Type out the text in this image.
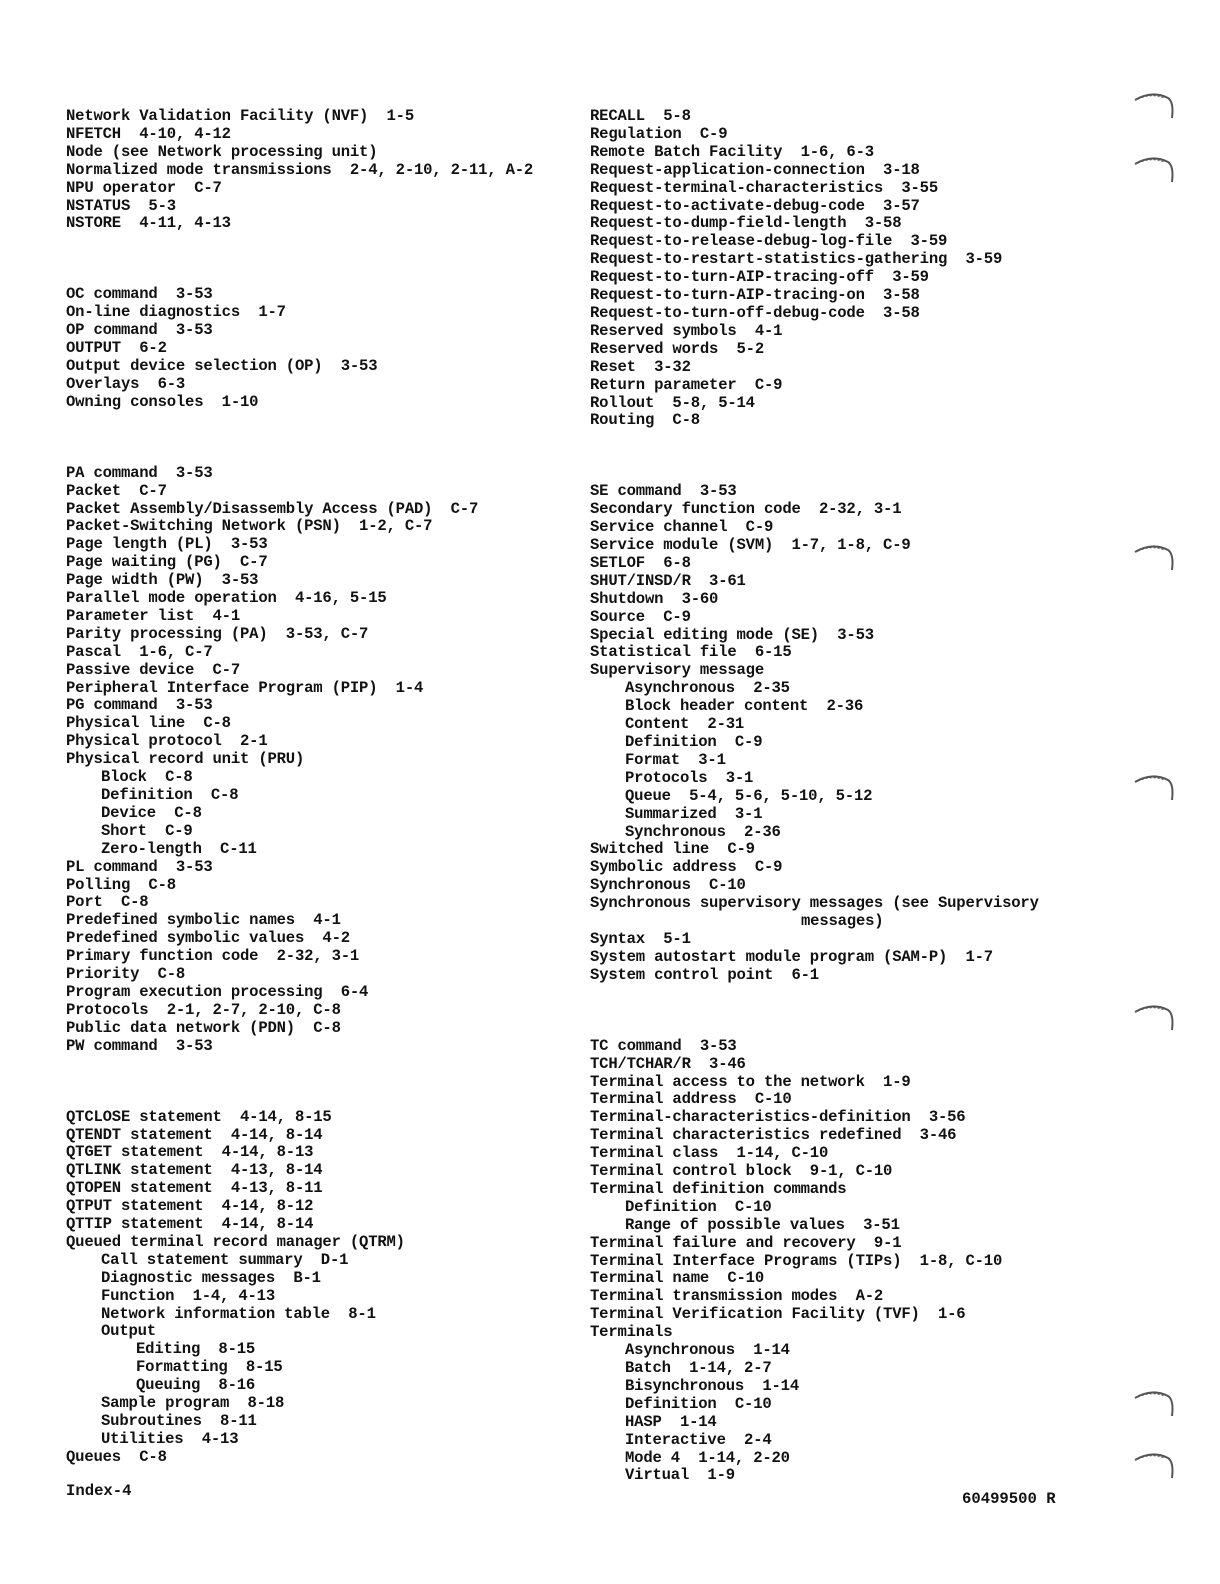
Network Validation Facility (NVF)  1-5
NFETCH  4-10, 4-12
Node (see Network processing unit)
Normalized mode transmissions  2-4, 2-10, 2-11, A-2
NPU operator  C-7
NSTATUS  5-3
NSTORE  4-11, 4-13
OC command  3-53
On-line diagnostics  1-7
OP command  3-53
OUTPUT  6-2
Output device selection (OP)  3-53
Overlays  6-3
Owning consoles  1-10
PA command  3-53
Packet  C-7
Packet Assembly/Disassembly Access (PAD)  C-7
Packet-Switching Network (PSN)  1-2, C-7
Page length (PL)  3-53
Page waiting (PG)  C-7
Page width (PW)  3-53
Parallel mode operation  4-16, 5-15
Parameter list  4-1
Parity processing (PA)  3-53, C-7
Pascal  1-6, C-7
Passive device  C-7
Peripheral Interface Program (PIP)  1-4
PG command  3-53
Physical line  C-8
Physical protocol  2-1
Physical record unit (PRU)
Block  C-8
Definition  C-8
Device  C-8
Short  C-9
Zero-length  C-11
PL command  3-53
Polling  C-8
Port  C-8
Predefined symbolic names  4-1
Predefined symbolic values  4-2
Primary function code  2-32, 3-1
Priority  C-8
Program execution processing  6-4
Protocols  2-1, 2-7, 2-10, C-8
Public data network (PDN)  C-8
PW command  3-53
QTCLOSE statement  4-14, 8-15
QTENDT statement  4-14, 8-14
QTGET statement  4-14, 8-13
QTLINK statement  4-13, 8-14
QTOPEN statement  4-13, 8-11
QTPUT statement  4-14, 8-12
QTTIP statement  4-14, 8-14
Queued terminal record manager (QTRM)
Call statement summary  D-1
Diagnostic messages  B-1
Function  1-4, 4-13
Network information table  8-1
Output
Editing  8-15
Formatting  8-15
Queuing  8-16
Sample program  8-18
Subroutines  8-11
Utilities  4-13
Queues  C-8
RECALL  5-8
Regulation  C-9
Remote Batch Facility  1-6, 6-3
Request-application-connection  3-18
Request-terminal-characteristics  3-55
Request-to-activate-debug-code  3-57
Request-to-dump-field-length  3-58
Request-to-release-debug-log-file  3-59
Request-to-restart-statistics-gathering  3-59
Request-to-turn-AIP-tracing-off  3-59
Request-to-turn-AIP-tracing-on  3-58
Request-to-turn-off-debug-code  3-58
Reserved symbols  4-1
Reserved words  5-2
Reset  3-32
Return parameter  C-9
Rollout  5-8, 5-14
Routing  C-8
SE command  3-53
Secondary function code  2-32, 3-1
Service channel  C-9
Service module (SVM)  1-7, 1-8, C-9
SETLOF  6-8
SHUT/INSD/R  3-61
Shutdown  3-60
Source  C-9
Special editing mode (SE)  3-53
Statistical file  6-15
Supervisory message
Asynchronous  2-35
Block header content  2-36
Content  2-31
Definition  C-9
Format  3-1
Protocols  3-1
Queue  5-4, 5-6, 5-10, 5-12
Summarized  3-1
Synchronous  2-36
Switched line  C-9
Symbolic address  C-9
Synchronous  C-10
Synchronous supervisory messages (see Supervisory
messages)
Syntax  5-1
System autostart module program (SAM-P)  1-7
System control point  6-1
TC command  3-53
TCH/TCHAR/R  3-46
Terminal access to the network  1-9
Terminal address  C-10
Terminal-characteristics-definition  3-56
Terminal characteristics redefined  3-46
Terminal class  1-14, C-10
Terminal control block  9-1, C-10
Terminal definition commands
Definition  C-10
Range of possible values  3-51
Terminal failure and recovery  9-1
Terminal Interface Programs (TIPs)  1-8, C-10
Terminal name  C-10
Terminal transmission modes  A-2
Terminal Verification Facility (TVF)  1-6
Terminals
Asynchronous  1-14
Batch  1-14, 2-7
Bisynchronous  1-14
Definition  C-10
HASP  1-14
Interactive  2-4
Mode 4  1-14, 2-20
Virtual  1-9
Index-4	60499500 R
